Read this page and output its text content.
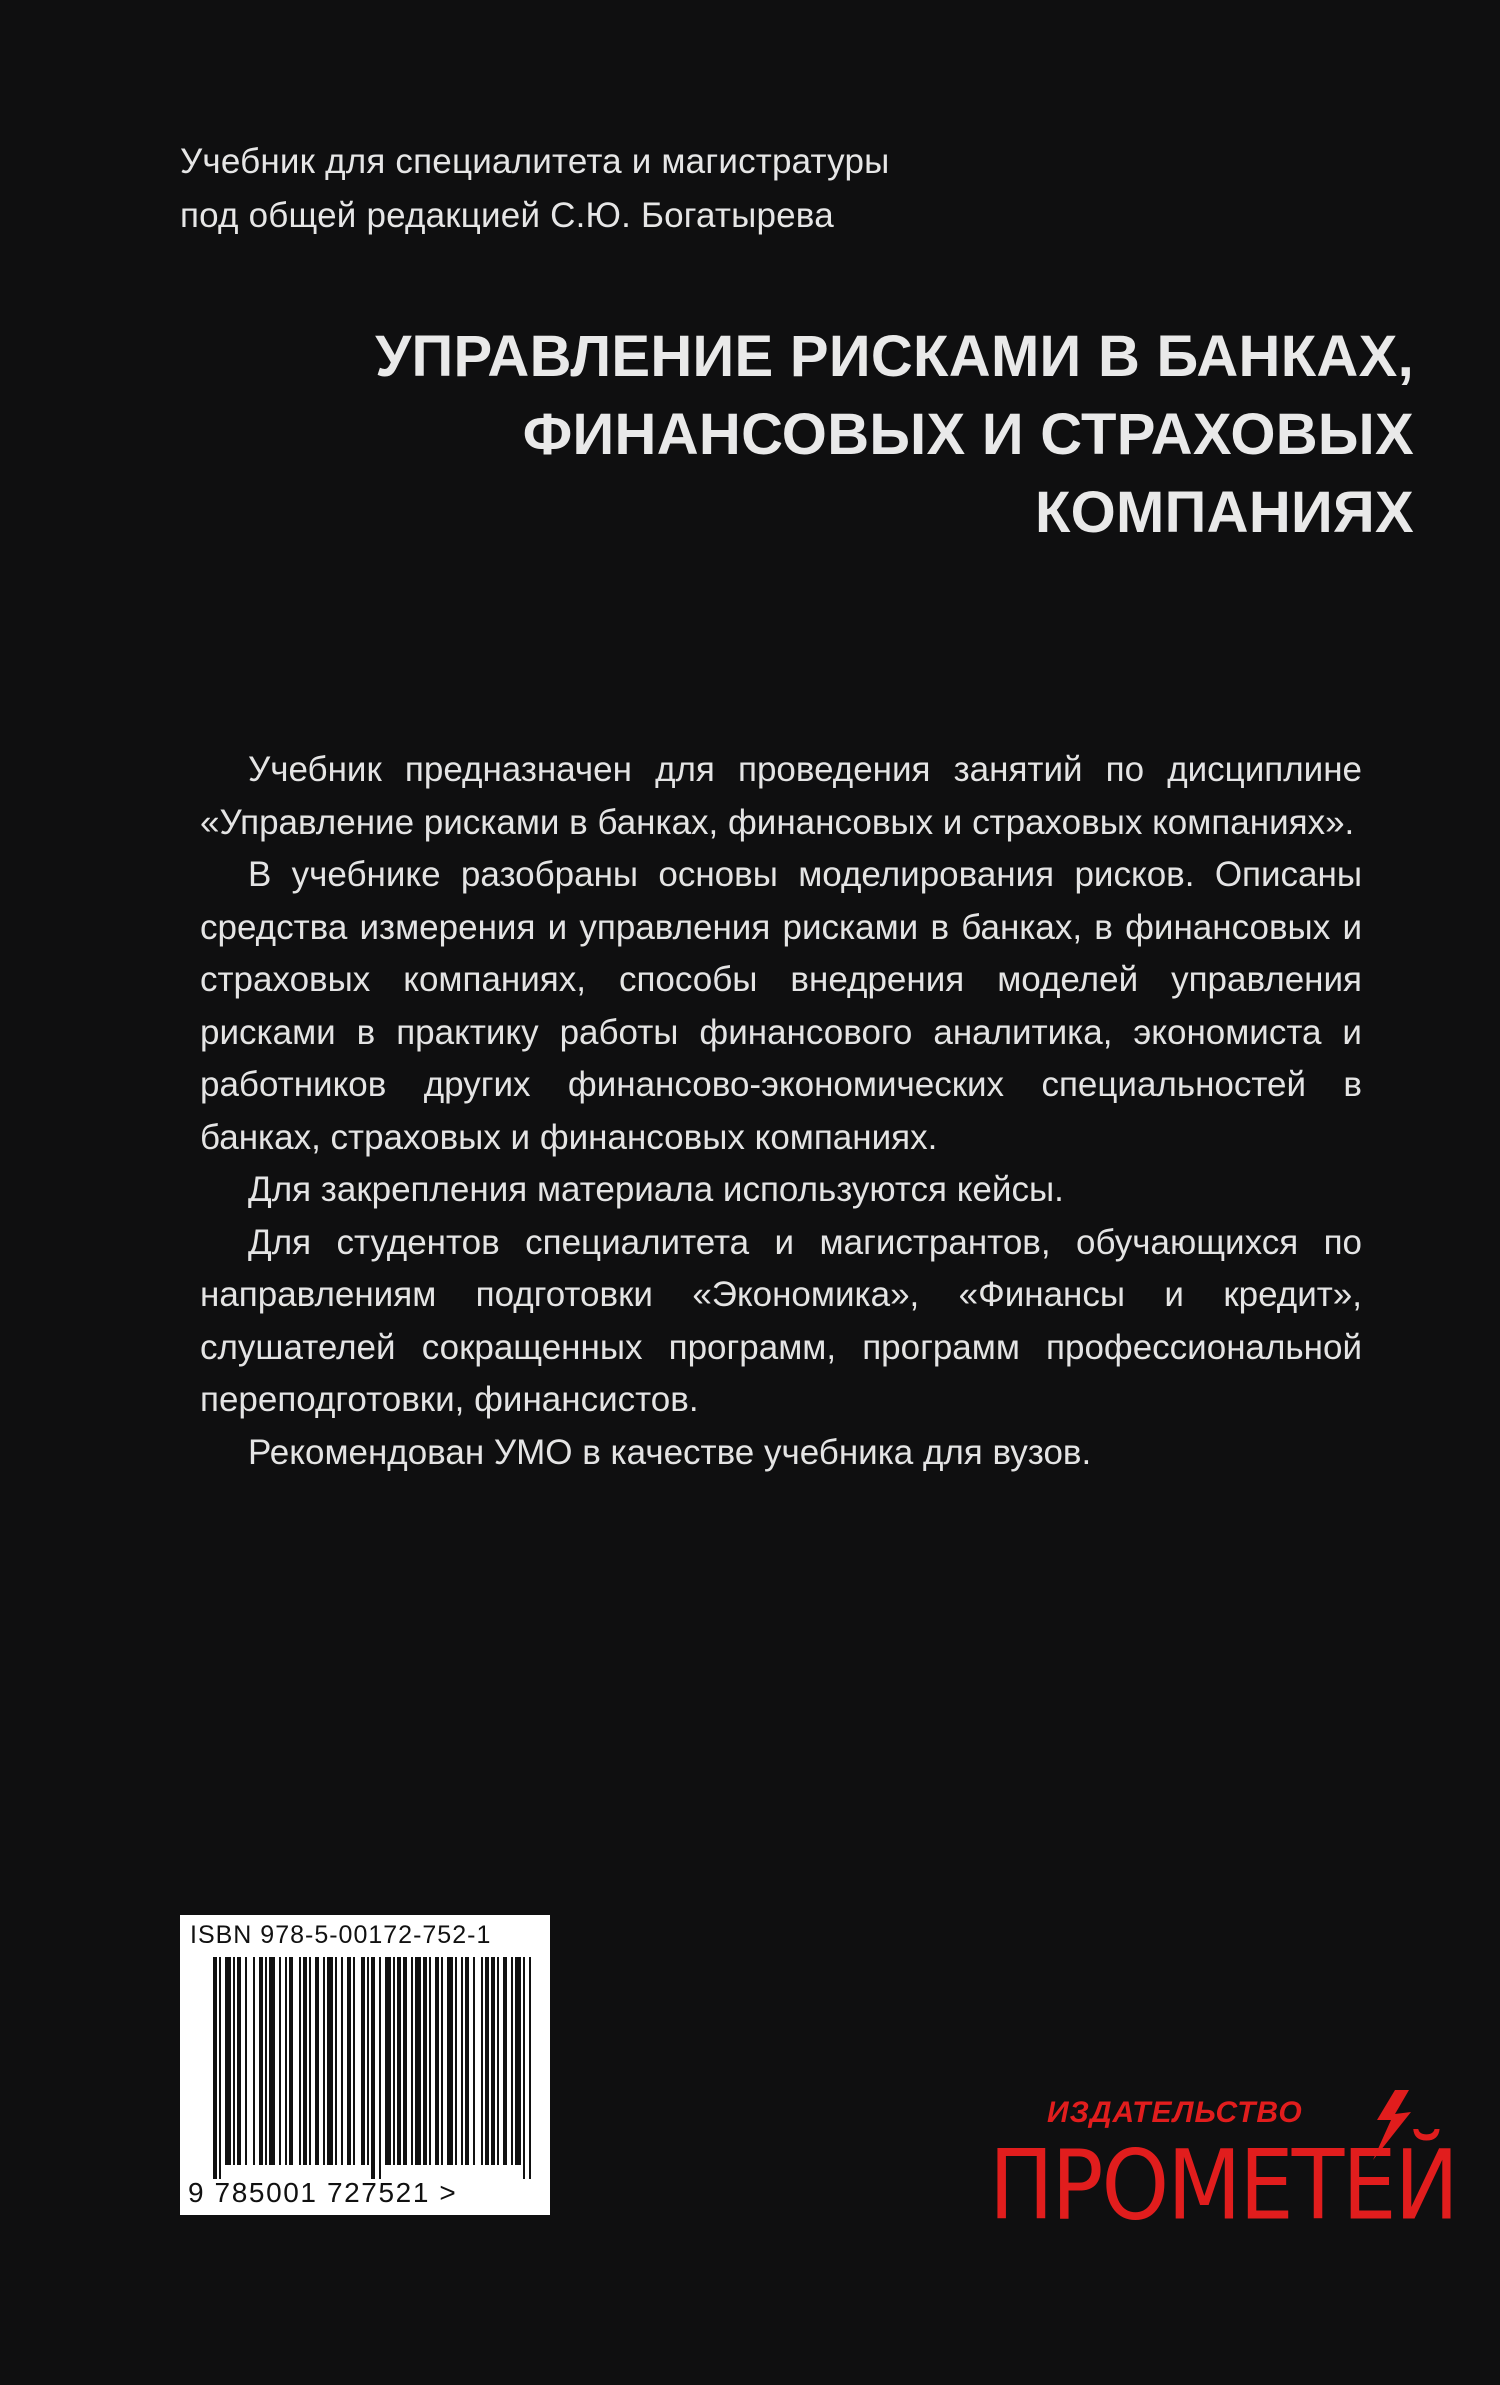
Учебник для специалитета и магистратуры
под общей редакцией С.Ю. Богатырева
УПРАВЛЕНИЕ РИСКАМИ В БАНКАХ,
ФИНАНСОВЫХ И СТРАХОВЫХ
КОМПАНИЯХ

Учебник предназначен для проведения занятий по дисциплине «Управление рисками в банках, финансовых и страховых компаниях».

В учебнике разобраны основы моделирования рисков. Описаны средства измерения и управления рисками в банках, в финансовых и страховых компаниях, способы внедрения моделей управления рисками в практику работы финансового аналитика, экономиста и работников других финансово-экономических специальностей в банках, страховых и финансовых компаниях.

Для закрепления материала используются кейсы.

Для студентов специалитета и магистрантов, обучающихся по направлениям подготовки «Экономика», «Финансы и кредит», слушателей сокращенных программ, программ профессиональной переподготовки, финансистов.

Рекомендован УМО в качестве учебника для вузов.

ISBN 978-5-00172-752-1
9 785001 727521 >
ИЗДАТЕЛЬСТВО
ПРОМЕТЕЙ
